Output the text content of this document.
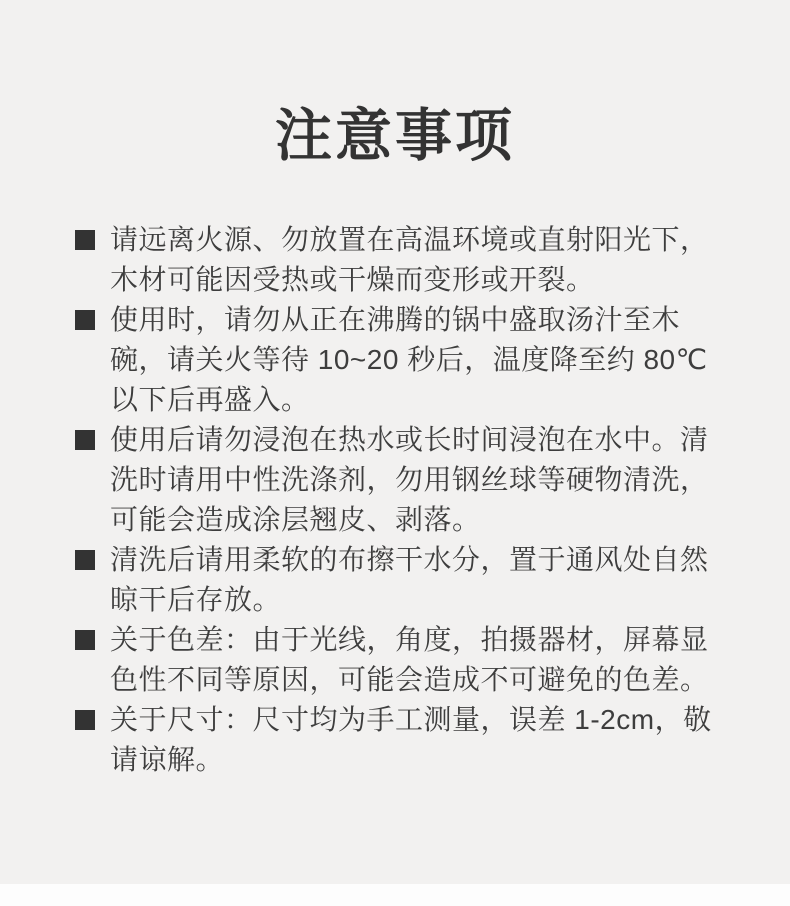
注意事项
请远离火源、勿放置在高温环境或直射阳光下，木材可能因受热或干燥而变形或开裂。
使用时，请勿从正在沸腾的锅中盛取汤汁至木碗，请关火等待 10~20 秒后，温度降至约 80℃以下后再盛入。
使用后请勿浸泡在热水或长时间浸泡在水中。清洗时请用中性洗涤剂，勿用钢丝球等硬物清洗，可能会造成涂层翘皮、剥落。
清洗后请用柔软的布擦干水分，置于通风处自然晾干后存放。
关于色差：由于光线，角度，拍摄器材，屏幕显色性不同等原因，可能会造成不可避免的色差。
关于尺寸：尺寸均为手工测量，误差 1-2cm，敬请谅解。
